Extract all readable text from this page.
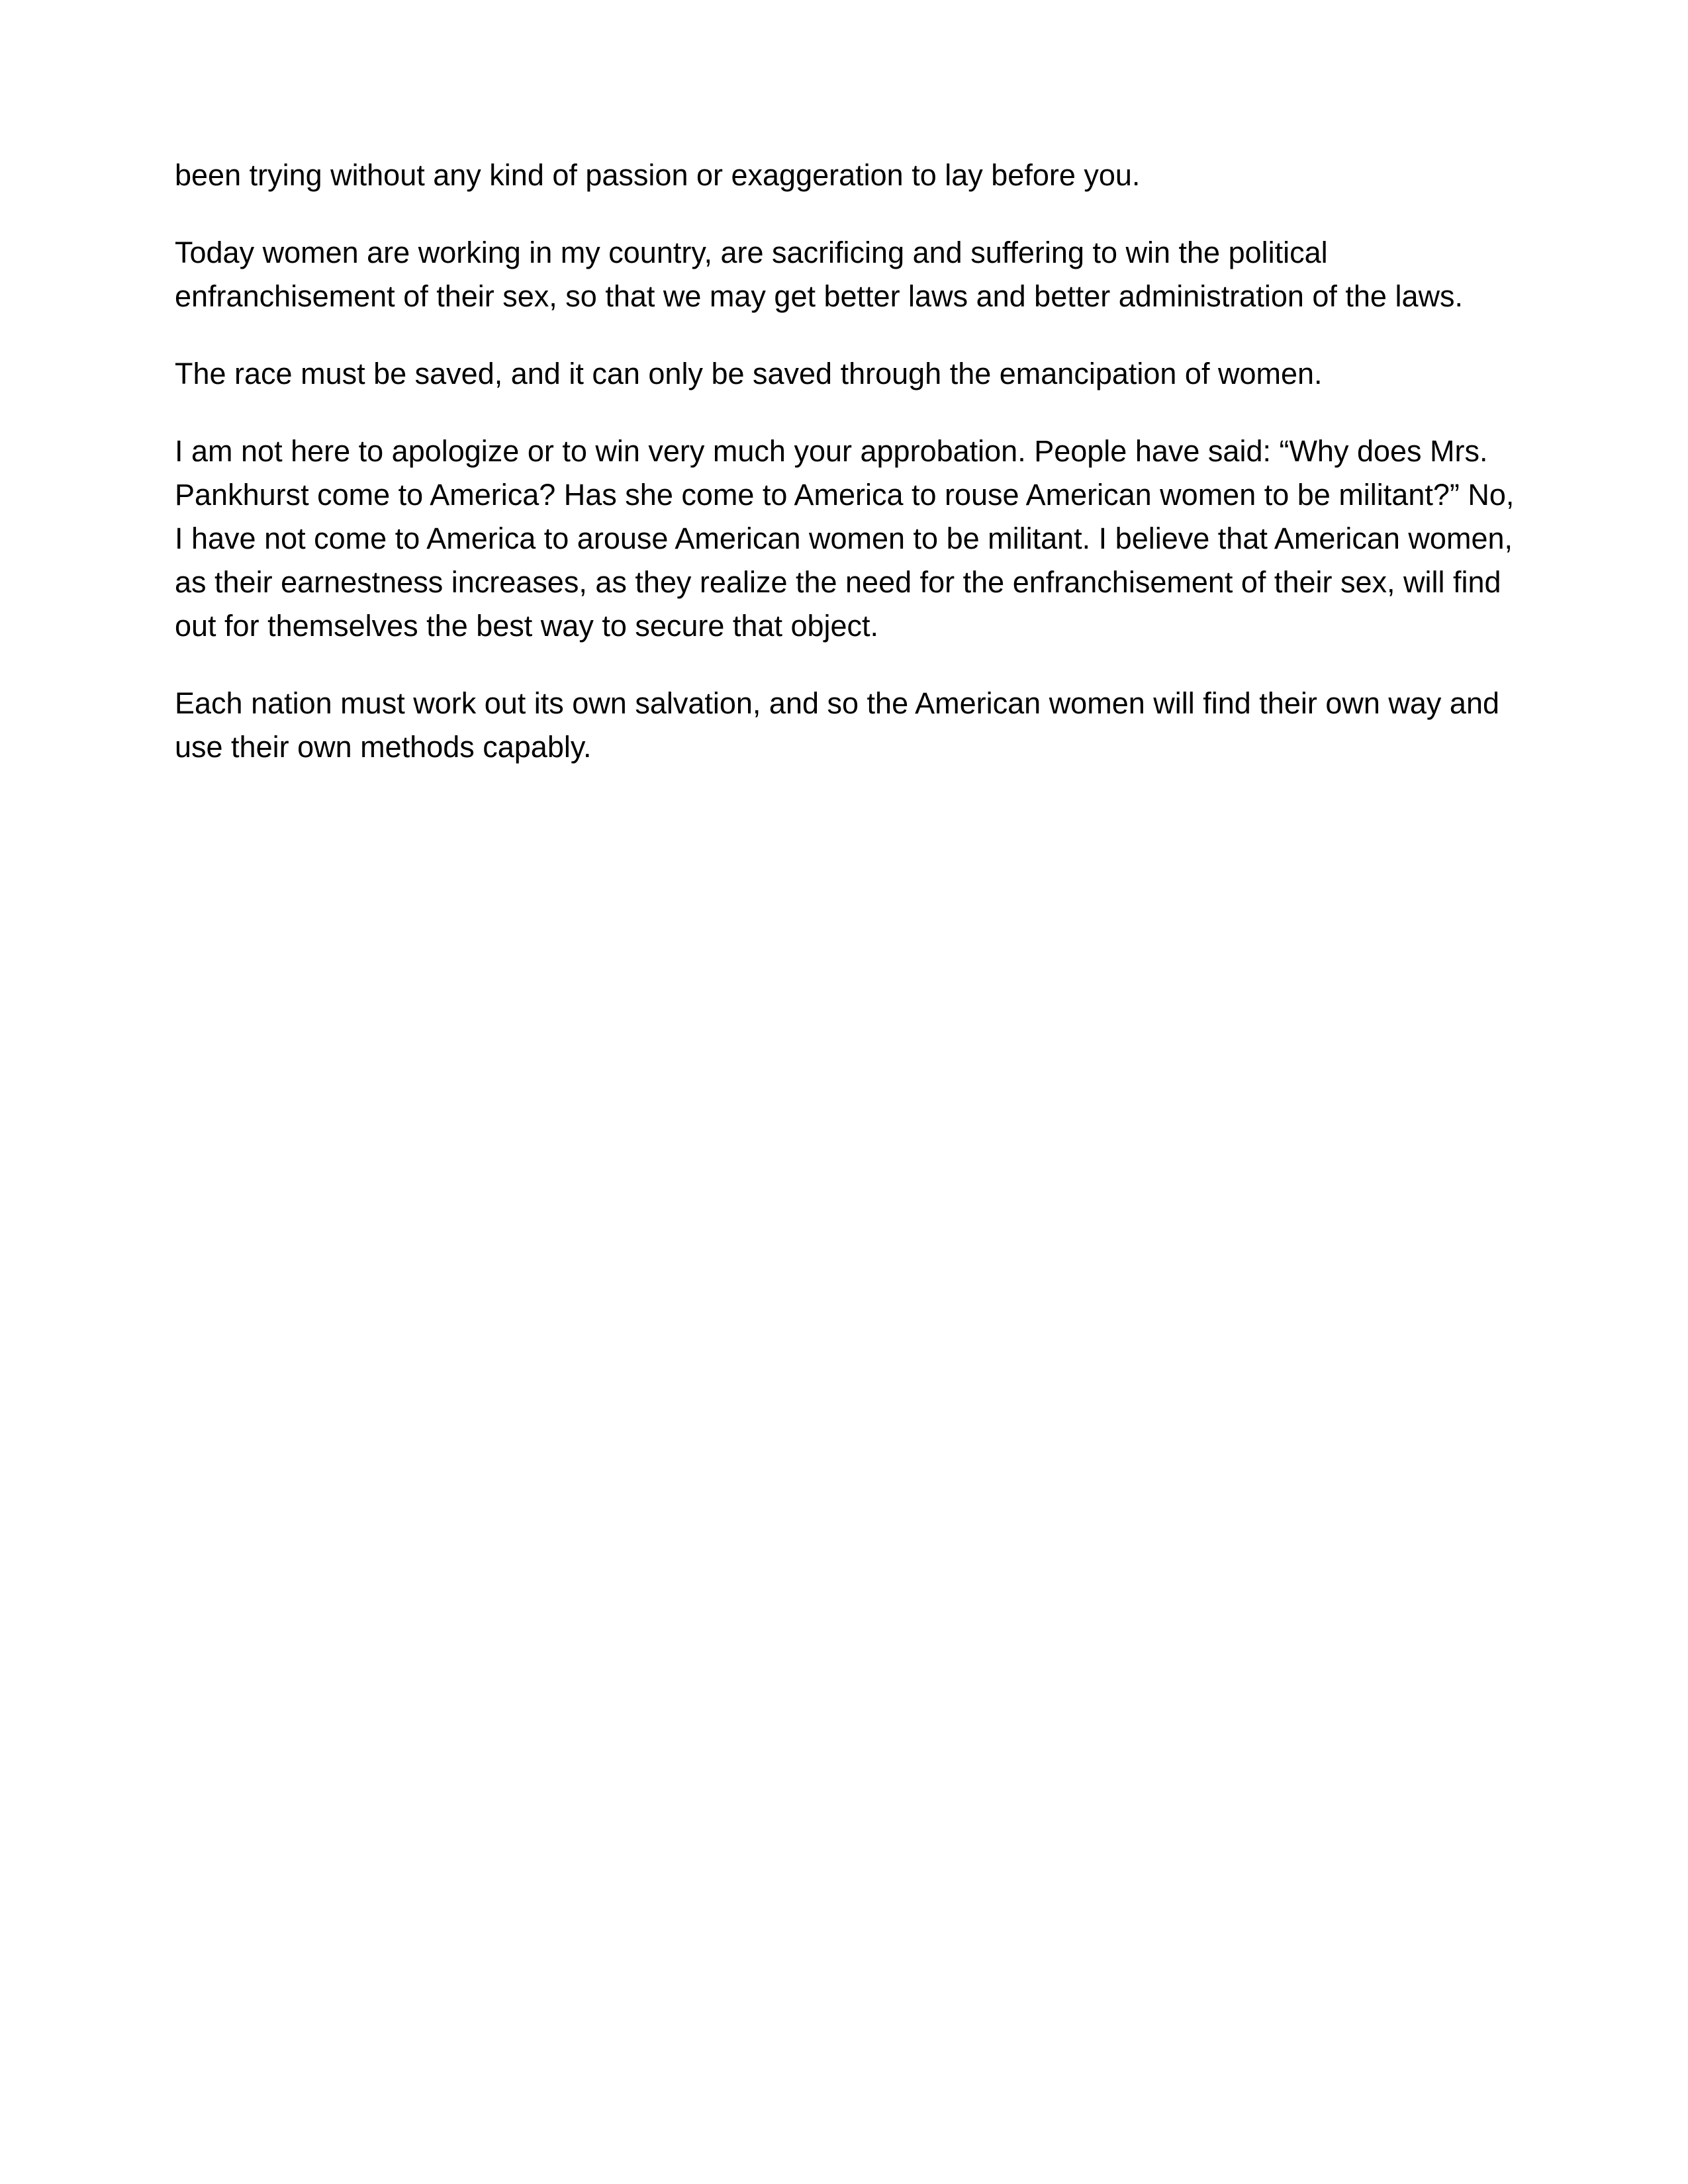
been trying without any kind of passion or exaggeration to lay before you.

Today women are working in my country, are sacrificing and suffering to win the political enfranchisement of their sex, so that we may get better laws and better administration of the laws.

The race must be saved, and it can only be saved through the emancipation of women.

I am not here to apologize or to win very much your approbation. People have said: “Why does Mrs. Pankhurst come to America? Has she come to America to rouse American women to be militant?” No, I have not come to America to arouse American women to be militant. I believe that American women, as their earnestness increases, as they realize the need for the enfranchisement of their sex, will find out for themselves the best way to secure that object.

Each nation must work out its own salvation, and so the American women will find their own way and use their own methods capably.
